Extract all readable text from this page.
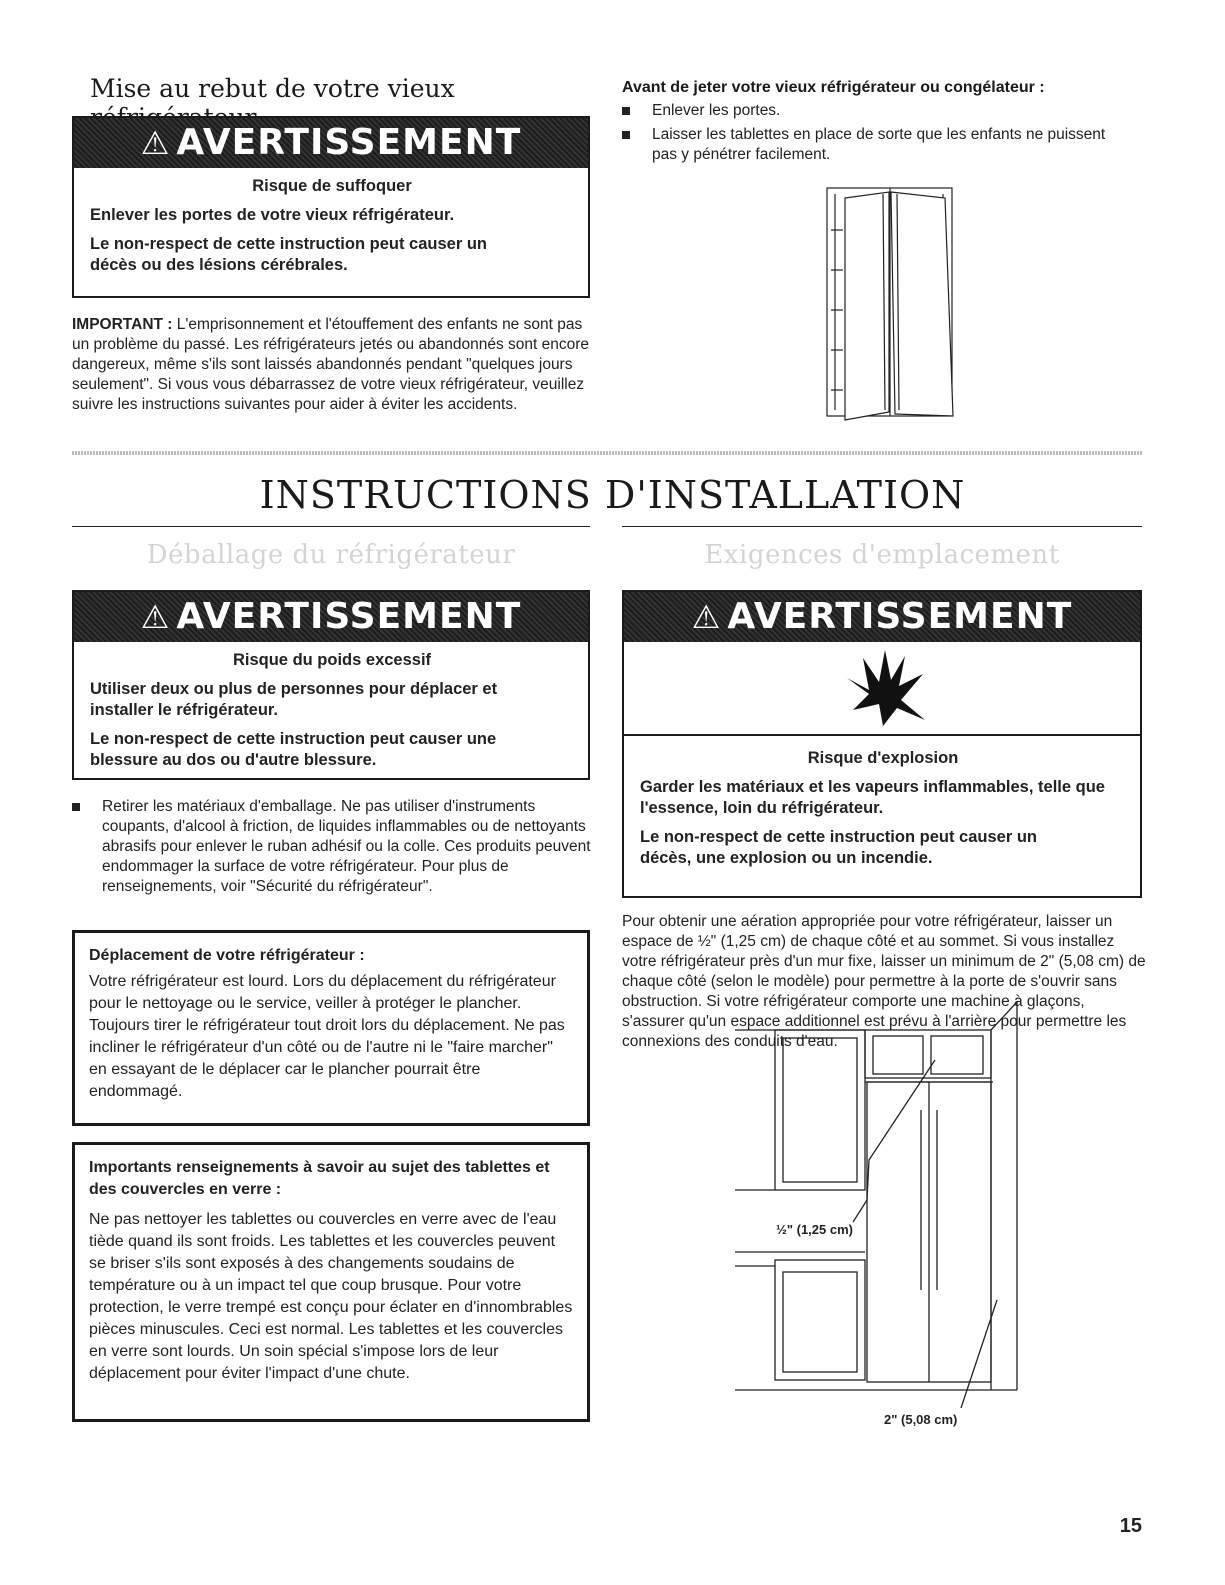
Mise au rebut de votre vieux
⚠ AVERTISSEMENT
Risque de suffoquer

Enlever les portes de votre vieux réfrigérateur.

Le non-respect de cette instruction peut causer un décès ou des lésions cérébrales.

IMPORTANT : L'emprisonnement et l'étouffement des enfants ne sont pas un problème du passé. Les réfrigérateurs jetés ou abandonnés sont encore dangereux, même s'ils sont laissés abandonnés pendant "quelques jours seulement". Si vous vous débarrassez de votre vieux réfrigérateur, veuillez suivre les instructions suivantes pour aider à éviter les accidents.
Avant de jeter votre vieux réfrigérateur ou congélateur :
Enlever les portes.
Laisser les tablettes en place de sorte que les enfants ne puissent pas y pénétrer facilement.
INSTRUCTIONS D'INSTALLATION
Déballage du réfrigérateur	Exigences d'emplacement
⚠ AVERTISSEMENT
Risque du poids excessif

Utiliser deux ou plus de personnes pour déplacer et installer le réfrigérateur.

Le non-respect de cette instruction peut causer une blessure au dos ou d'autre blessure.

Retirer les matériaux d'emballage. Ne pas utiliser d'instruments coupants, d'alcool à friction, de liquides inflammables ou de nettoyants abrasifs pour enlever le ruban adhésif ou la colle. Ces produits peuvent endommager la surface de votre réfrigérateur. Pour plus de renseignements, voir "Sécurité du réfrigérateur".
Déplacement de votre réfrigérateur :
Votre réfrigérateur est lourd. Lors du déplacement du réfrigérateur pour le nettoyage ou le service, veiller à protéger le plancher. Toujours tirer le réfrigérateur tout droit lors du déplacement. Ne pas incliner le réfrigérateur d'un côté ou de l'autre ni le "faire marcher" en essayant de le déplacer car le plancher pourrait être endommagé.
Importants renseignements à savoir au sujet des tablettes et des couvercles en verre :
Ne pas nettoyer les tablettes ou couvercles en verre avec de l'eau tiède quand ils sont froids. Les tablettes et les couvercles peuvent se briser s'ils sont exposés à des changements soudains de température ou à un impact tel que coup brusque. Pour votre protection, le verre trempé est conçu pour éclater en d'innombrables pièces minuscules. Ceci est normal. Les tablettes et les couvercles en verre sont lourds. Un soin spécial s'impose lors de leur déplacement pour éviter l'impact d'une chute.
⚠ AVERTISSEMENT
Risque d'explosion

Garder les matériaux et les vapeurs inflammables, telle que l'essence, loin du réfrigérateur.

Le non-respect de cette instruction peut causer un décès, une explosion ou un incendie.

Pour obtenir une aération appropriée pour votre réfrigérateur, laisser un espace de ½" (1,25 cm) de chaque côté et au sommet. Si vous installez votre réfrigérateur près d'un mur fixe, laisser un minimum de 2" (5,08 cm) de chaque côté (selon le modèle) pour permettre à la porte de s'ouvrir sans obstruction. Si votre réfrigérateur comporte une machine à glaçons, s'assurer qu'un espace additionnel est prévu à l'arrière pour permettre les connexions des conduits d'eau.
½" (1,25 cm)
2" (5,08 cm)
15
